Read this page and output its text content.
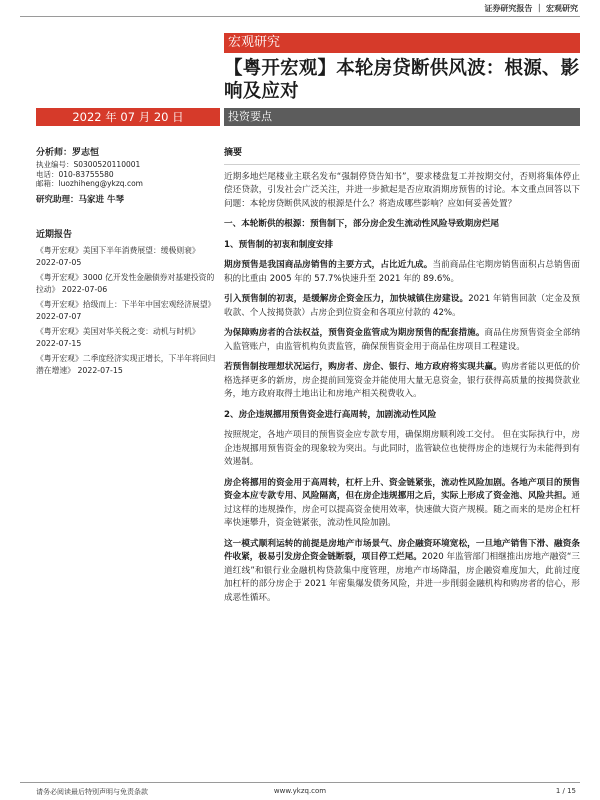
证券研究报告 ｜ 宏观研究
宏观研究
【粤开宏观】本轮房贷断供风波：根源、影响及应对
2022 年 07 月 20 日	投资要点
分析师：罗志恒
执业编号：S0300520110001
电话：010-83755580
邮箱：luozhiheng@ykzq.com
研究助理：马家进 牛琴
近期报告
《粤开宏观》美国下半年消费展望：缓极则衰》 2022-07-05
《粤开宏观》3000 亿开发性金融债券对基建投资的拉动》 2022-07-06
《粤开宏观》拾级而上：下半年中国宏观经济展望》 2022-07-07
《粤开宏观》美国对华关税之变：动机与时机》 2022-07-15
《粤开宏观》二季度经济实现正增长，下半年将回归潜在增速》 2022-07-15
摘要

近期多地烂尾楼业主联名发布“强制停贷告知书”，要求楼盘复工并按期交付，否则将集体停止偿还贷款，引发社会广泛关注，并进一步掀起是否应取消期房预售的讨论。本文重点回答以下问题：本轮房贷断供风波的根源是什么？将造成哪些影响？应如何妥善处置？

一、本轮断供的根源：预售制下，部分房企发生流动性风险导致期房烂尾
1、预售制的初衷和制度安排

期房预售是我国商品房销售的主要方式，占比近九成。当前商品住宅期房销售面积占总销售面积的比重由 2005 年的 57.7%快速升至 2021 年的 89.6%。

引入预售制的初衷，是缓解房企资金压力，加快城镇住房建设。2021 年销售回款（定金及预收款、个人按揭贷款）占房企到位资金和各项应付款的 42%。

为保障购房者的合法权益，预售资金监管成为期房预售的配套措施。商品住房预售资金全部纳入监管账户，由监管机构负责监管，确保预售资金用于商品住房项目工程建设。

若预售制按理想状况运行，购房者、房企、银行、地方政府将实现共赢。购房者能以更低的价格选择更多的新房，房企提前回笼资金并能使用大量无息资金，银行获得高质量的按揭贷款业务，地方政府取得土地出让和房地产相关税费收入。

2、房企违规挪用预售资金进行高周转，加剧流动性风险

按照规定，各地产项目的预售资金应专款专用，确保期房顺利竣工交付。 但在实际执行中，房企违规挪用预售资金的现象较为突出。与此同时，监管缺位也使得房企的违规行为未能得到有效遏制。

房企将挪用的资金用于高周转，杠杆上升、资金链紧张，流动性风险加剧。各地产项目的预售资金本应专款专用、风险隔离，但在房企违规挪用之后，实际上形成了资金池、风险共担。通过这样的违规操作，房企可以提高资金使用效率，快速做大资产规模。随之而来的是房企杠杆率快速攀升，资金链紧张，流动性风险加剧。

这一模式顺利运转的前提是房地产市场景气、房企融资环境宽松，一旦地产销售下滑、融资条件收紧，极易引发房企资金链断裂，项目停工烂尾。2020 年监管部门相继推出房地产融资“三道红线”和银行业金融机构贷款集中度管理，房地产市场降温，房企融资难度加大，此前过度加杠杆的部分房企于 2021 年密集爆发债务风险，并进一步削弱金融机构和购房者的信心，形成恶性循环。

请务必阅读最后特别声明与免责条款	www.ykzq.com	1 / 15
